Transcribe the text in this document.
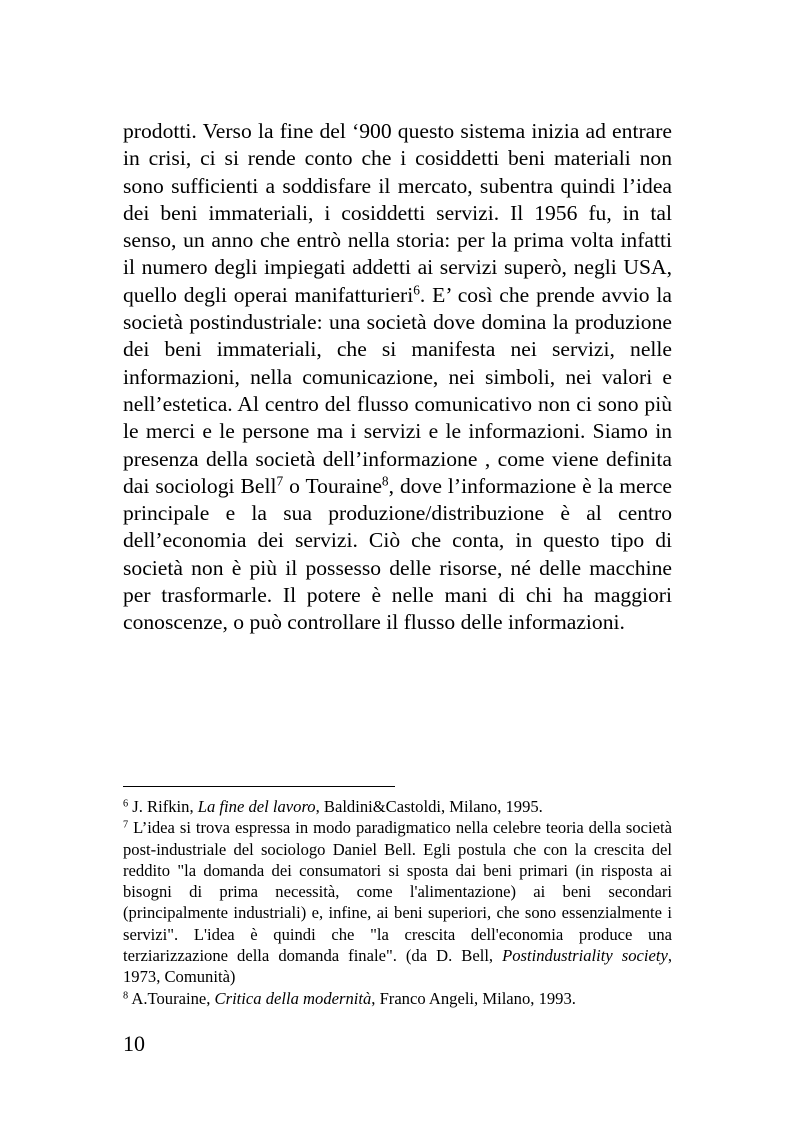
prodotti. Verso la fine del ‘900 questo sistema inizia ad entrare in crisi, ci si rende conto che i cosiddetti beni materiali non sono sufficienti a soddisfare il mercato, subentra quindi l’idea dei beni immateriali, i cosiddetti servizi. Il 1956 fu, in tal senso, un anno che entrò nella storia: per la prima volta infatti il numero degli impiegati addetti ai servizi superò, negli USA, quello degli operai manifatturieri$^6$. E’ così che prende avvio la società postindustriale: una società dove domina la produzione dei beni immateriali, che si manifesta nei servizi, nelle informazioni, nella comunicazione, nei simboli, nei valori e nell’estetica. Al centro del flusso comunicativo non ci sono più le merci e le persone ma i servizi e le informazioni. Siamo in presenza della società dell’informazione , come viene definita dai sociologi Bell$^7$ o Touraine$^8$, dove l’informazione è la merce principale e la sua produzione/distribuzione è al centro dell’economia dei servizi. Ciò che conta, in questo tipo di società non è più il possesso delle risorse, né delle macchine per trasformarle. Il potere è nelle mani di chi ha maggiori conoscenze, o può controllare il flusso delle informazioni.

$^6$ J. Rifkin, La fine del lavoro, Baldini&Castoldi, Milano, 1995.

$^7$ L’idea si trova espressa in modo paradigmatico nella celebre teoria della società post-industriale del sociologo Daniel Bell. Egli postula che con la crescita del reddito "la domanda dei consumatori si sposta dai beni primari (in risposta ai bisogni di prima necessità, come l'alimentazione) ai beni secondari (principalmente industriali) e, infine, ai beni superiori, che sono essenzialmente i servizi". L'idea è quindi che "la crescita dell'economia produce una terziarizzazione della domanda finale". (da D. Bell, Postindustriality society, 1973, Comunità)

$^8$ A.Touraine, Critica della modernità, Franco Angeli, Milano, 1993.

10
